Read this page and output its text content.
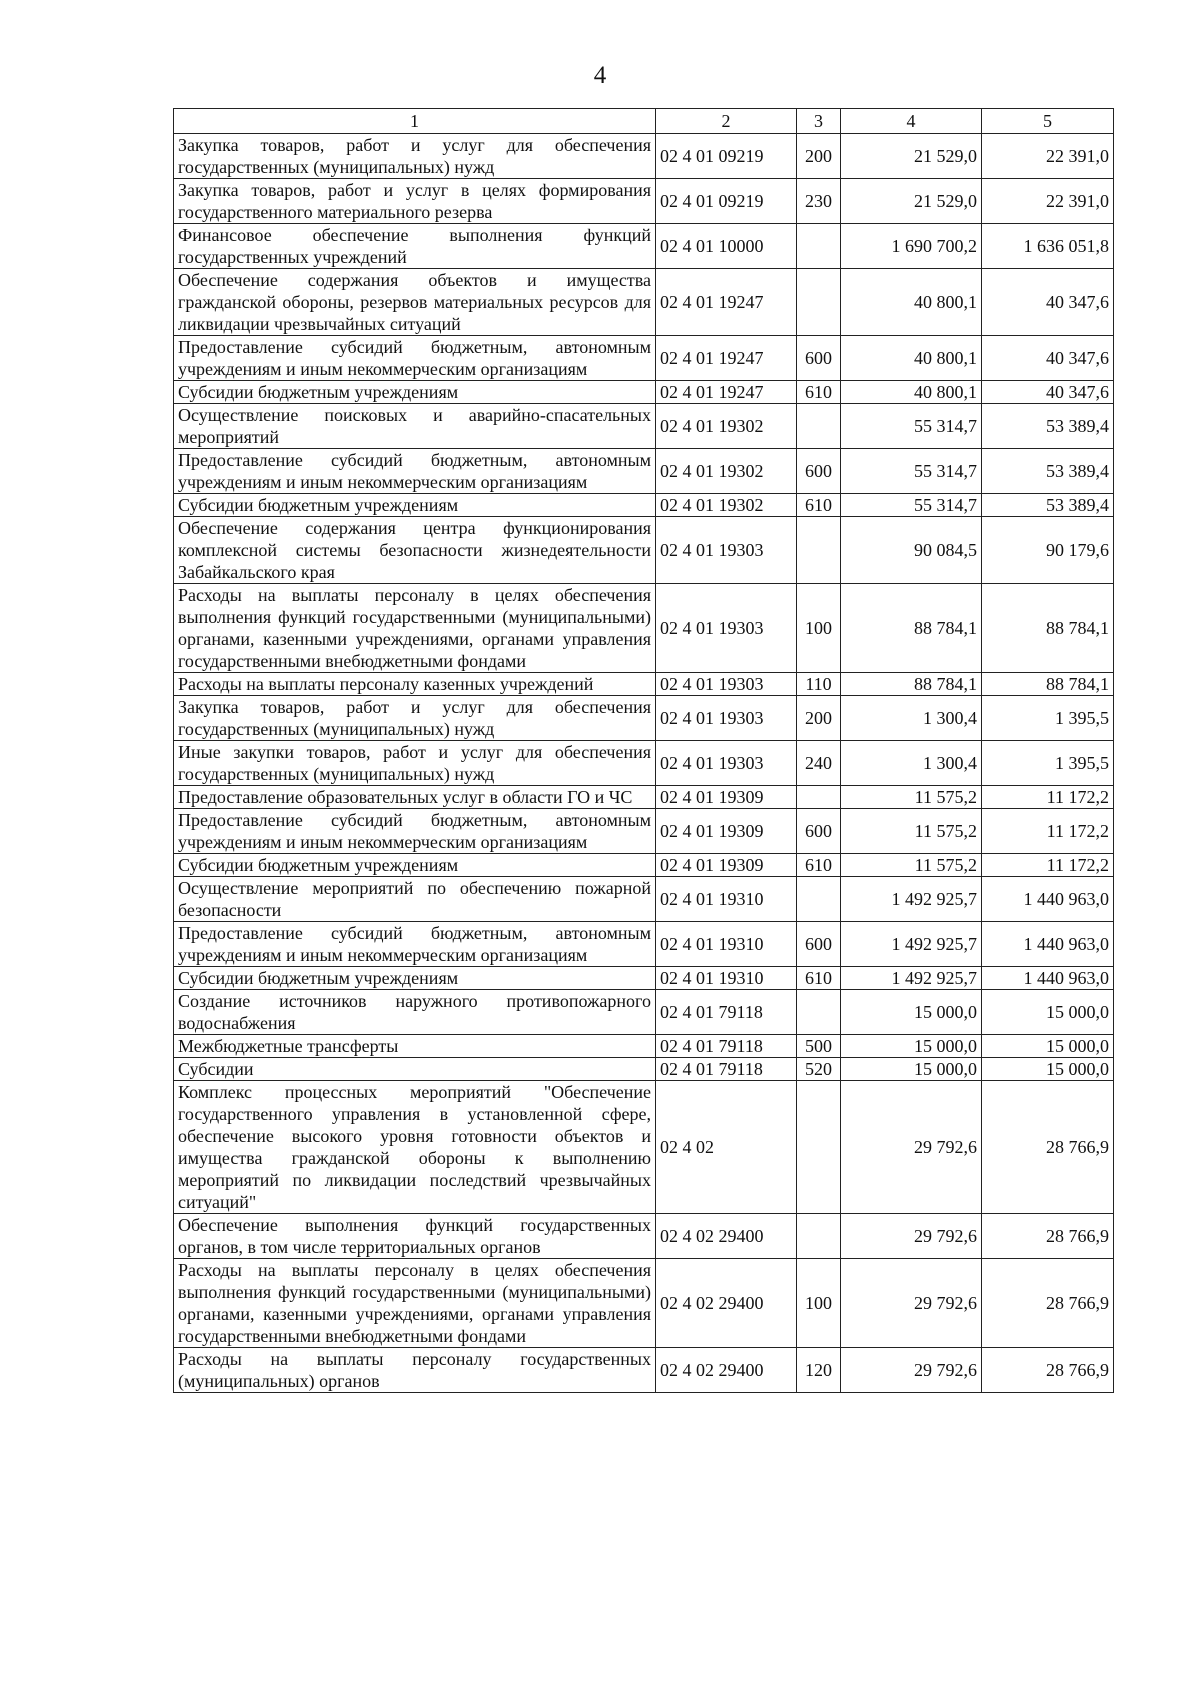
4
1	2	3	4	5
Закупка товаров, работ и услуг для обеспечения государственных (муниципальных) нужд	02 4 01 09219	200	21 529,0	22 391,0
Закупка товаров, работ и услуг в целях формирования государственного материального резерва	02 4 01 09219	230	21 529,0	22 391,0
Финансовое обеспечение выполнения функций государственных учреждений	02 4 01 10000		1 690 700,2	1 636 051,8
Обеспечение содержания объектов и имущества гражданской обороны, резервов материальных ресурсов для ликвидации чрезвычайных ситуаций	02 4 01 19247		40 800,1	40 347,6
Предоставление субсидий бюджетным, автономным учреждениям и иным некоммерческим организациям	02 4 01 19247	600	40 800,1	40 347,6
Субсидии бюджетным учреждениям	02 4 01 19247	610	40 800,1	40 347,6
Осуществление поисковых и аварийно-спасательных мероприятий	02 4 01 19302		55 314,7	53 389,4
Предоставление субсидий бюджетным, автономным учреждениям и иным некоммерческим организациям	02 4 01 19302	600	55 314,7	53 389,4
Субсидии бюджетным учреждениям	02 4 01 19302	610	55 314,7	53 389,4
Обеспечение содержания центра функционирования комплексной системы безопасности жизнедеятельности Забайкальского края	02 4 01 19303		90 084,5	90 179,6
Расходы на выплаты персоналу в целях обеспечения выполнения функций государственными (муниципальными) органами, казенными учреждениями, органами управления государственными внебюджетными фондами	02 4 01 19303	100	88 784,1	88 784,1
Расходы на выплаты персоналу казенных учреждений	02 4 01 19303	110	88 784,1	88 784,1
Закупка товаров, работ и услуг для обеспечения государственных (муниципальных) нужд	02 4 01 19303	200	1 300,4	1 395,5
Иные закупки товаров, работ и услуг для обеспечения государственных (муниципальных) нужд	02 4 01 19303	240	1 300,4	1 395,5
Предоставление образовательных услуг в области ГО и ЧС	02 4 01 19309		11 575,2	11 172,2
Предоставление субсидий бюджетным, автономным учреждениям и иным некоммерческим организациям	02 4 01 19309	600	11 575,2	11 172,2
Субсидии бюджетным учреждениям	02 4 01 19309	610	11 575,2	11 172,2
Осуществление мероприятий по обеспечению пожарной безопасности	02 4 01 19310		1 492 925,7	1 440 963,0
Предоставление субсидий бюджетным, автономным учреждениям и иным некоммерческим организациям	02 4 01 19310	600	1 492 925,7	1 440 963,0
Субсидии бюджетным учреждениям	02 4 01 19310	610	1 492 925,7	1 440 963,0
Создание источников наружного противопожарного водоснабжения	02 4 01 79118		15 000,0	15 000,0
Межбюджетные трансферты	02 4 01 79118	500	15 000,0	15 000,0
Субсидии	02 4 01 79118	520	15 000,0	15 000,0
Комплекс процессных мероприятий "Обеспечение государственного управления в установленной сфере, обеспечение высокого уровня готовности объектов и имущества гражданской обороны к выполнению мероприятий по ликвидации последствий чрезвычайных ситуаций"	02 4 02		29 792,6	28 766,9
Обеспечение выполнения функций государственных органов, в том числе территориальных органов	02 4 02 29400		29 792,6	28 766,9
Расходы на выплаты персоналу в целях обеспечения выполнения функций государственными (муниципальными) органами, казенными учреждениями, органами управления государственными внебюджетными фондами	02 4 02 29400	100	29 792,6	28 766,9
Расходы на выплаты персоналу государственных (муниципальных) органов	02 4 02 29400	120	29 792,6	28 766,9
